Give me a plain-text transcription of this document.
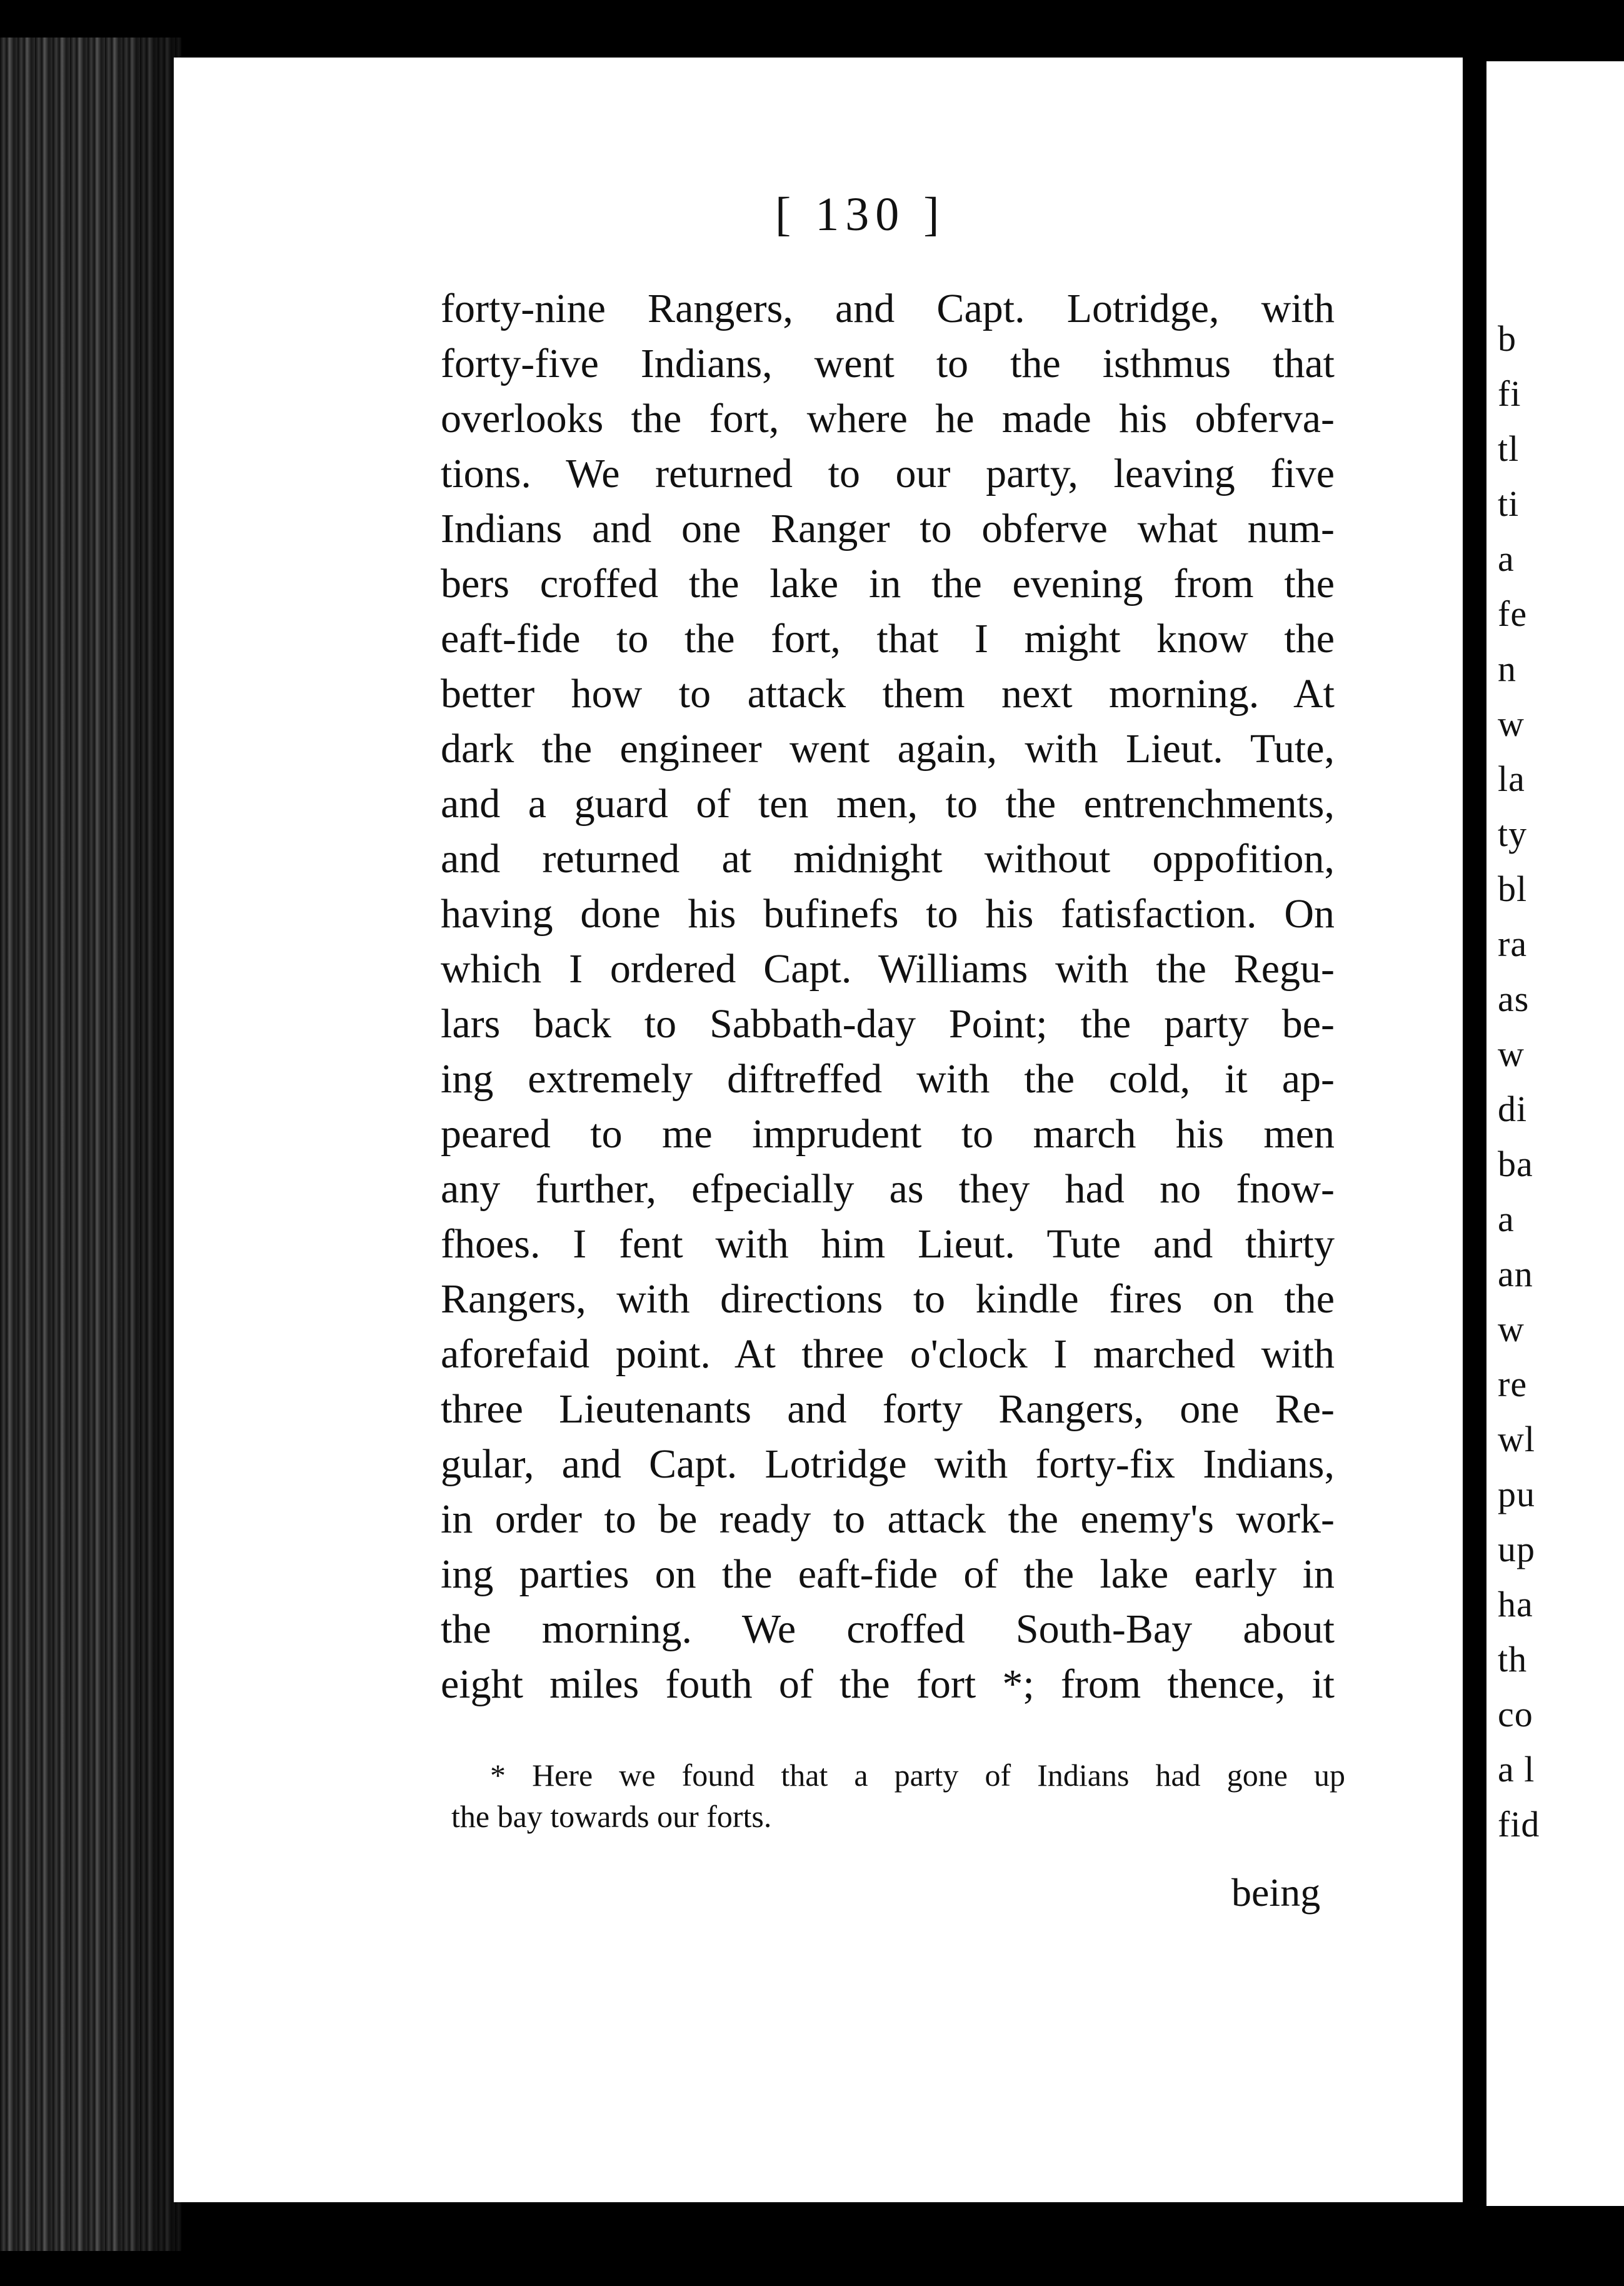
b
fi
tl
ti
a
fe
n
w
la
ty
bl
ra
as
w
di
ba
a
an
w
re
wl
pu
up
ha
th
co
a l
fid
[ 130 ]
forty-nine Rangers, and Capt. Lotridge, with
forty-five Indians, went to the isthmus that
overlooks the fort, where he made his obferva-
tions. We returned to our party, leaving five
Indians and one Ranger to obferve what num-
bers croffed the lake in the evening from the
eaft-fide to the fort, that I might know the
better how to attack them next morning. At
dark the engineer went again, with Lieut. Tute,
and a guard of ten men, to the entrenchments,
and returned at midnight without oppofition,
having done his bufinefs to his fatisfaction. On
which I ordered Capt. Williams with the Regu-
lars back to Sabbath-day Point; the party be-
ing extremely diftreffed with the cold, it ap-
peared to me imprudent to march his men
any further, efpecially as they had no fnow-
fhoes. I fent with him Lieut. Tute and thirty
Rangers, with directions to kindle fires on the
aforefaid point. At three o'clock I marched with
three Lieutenants and forty Rangers, one Re-
gular, and Capt. Lotridge with forty-fix Indians,
in order to be ready to attack the enemy's work-
ing parties on the eaft-fide of the lake early in
the morning. We croffed South-Bay about
eight miles fouth of the fort *; from thence, it
* Here we found that a party of Indians had gone up
the bay towards our forts.
being
